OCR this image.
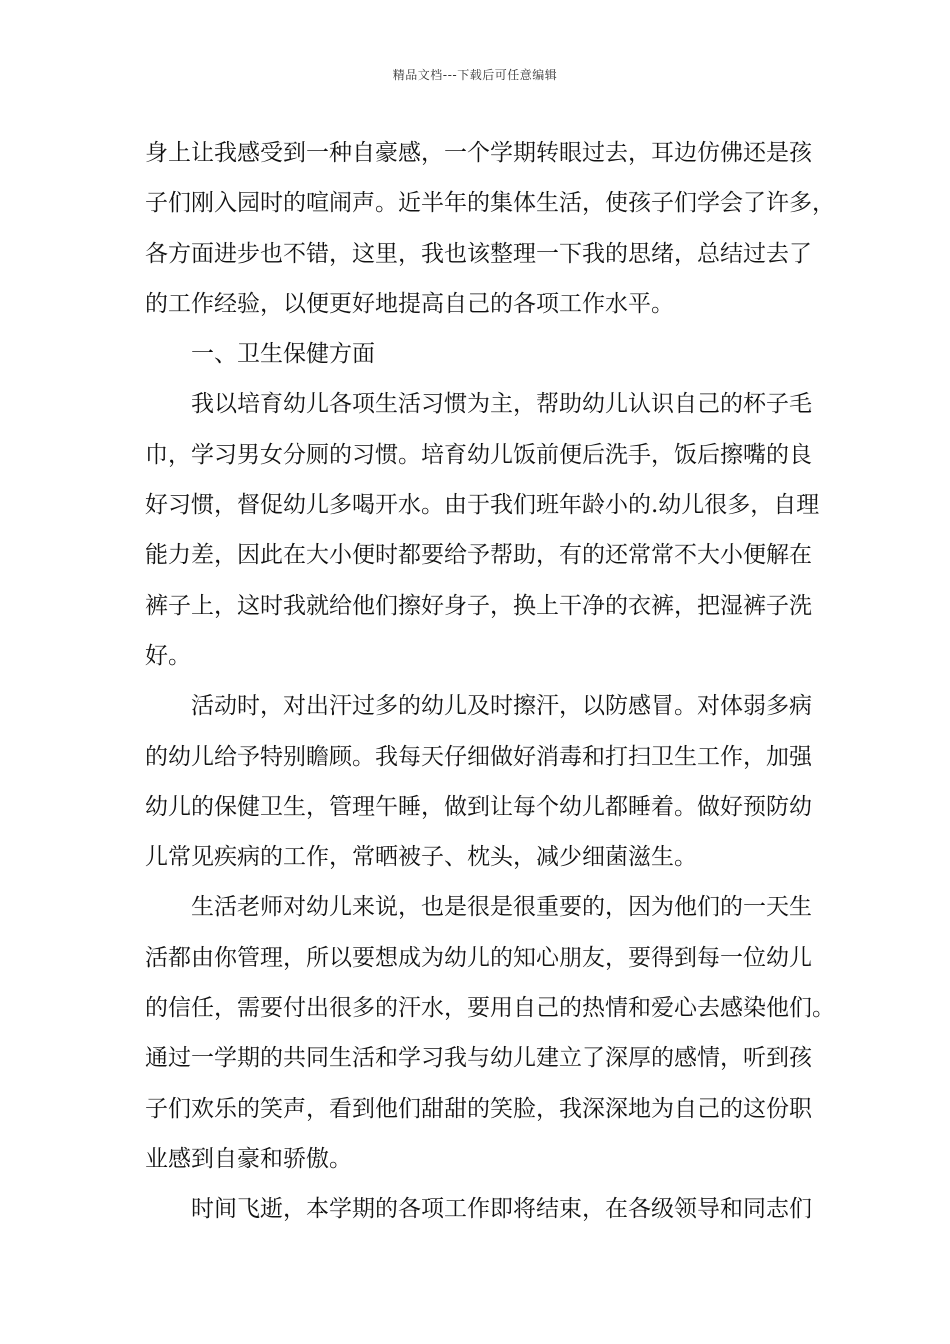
精品文档---下载后可任意编辑
身上让我感受到一种自豪感，一个学期转眼过去，耳边仿佛还是孩
子们刚入园时的喧闹声。近半年的集体生活，使孩子们学会了许多，
各方面进步也不错，这里，我也该整理一下我的思绪，总结过去了
的工作经验，以便更好地提高自己的各项工作水平。
一、卫生保健方面
我以培育幼儿各项生活习惯为主，帮助幼儿认识自己的杯子毛
巾，学习男女分厕的习惯。培育幼儿饭前便后洗手，饭后擦嘴的良
好习惯，督促幼儿多喝开水。由于我们班年龄小的.幼儿很多，自理
能力差，因此在大小便时都要给予帮助，有的还常常不大小便解在
裤子上，这时我就给他们擦好身子，换上干净的衣裤，把湿裤子洗
好。
活动时，对出汗过多的幼儿及时擦汗，以防感冒。对体弱多病
的幼儿给予特别瞻顾。我每天仔细做好消毒和打扫卫生工作，加强
幼儿的保健卫生，管理午睡，做到让每个幼儿都睡着。做好预防幼
儿常见疾病的工作，常晒被子、枕头，减少细菌滋生。
生活老师对幼儿来说，也是很是很重要的，因为他们的一天生
活都由你管理，所以要想成为幼儿的知心朋友，要得到每一位幼儿
的信任，需要付出很多的汗水，要用自己的热情和爱心去感染他们。
通过一学期的共同生活和学习我与幼儿建立了深厚的感情，听到孩
子们欢乐的笑声，看到他们甜甜的笑脸，我深深地为自己的这份职
业感到自豪和骄傲。
时间飞逝，本学期的各项工作即将结束，在各级领导和同志们
